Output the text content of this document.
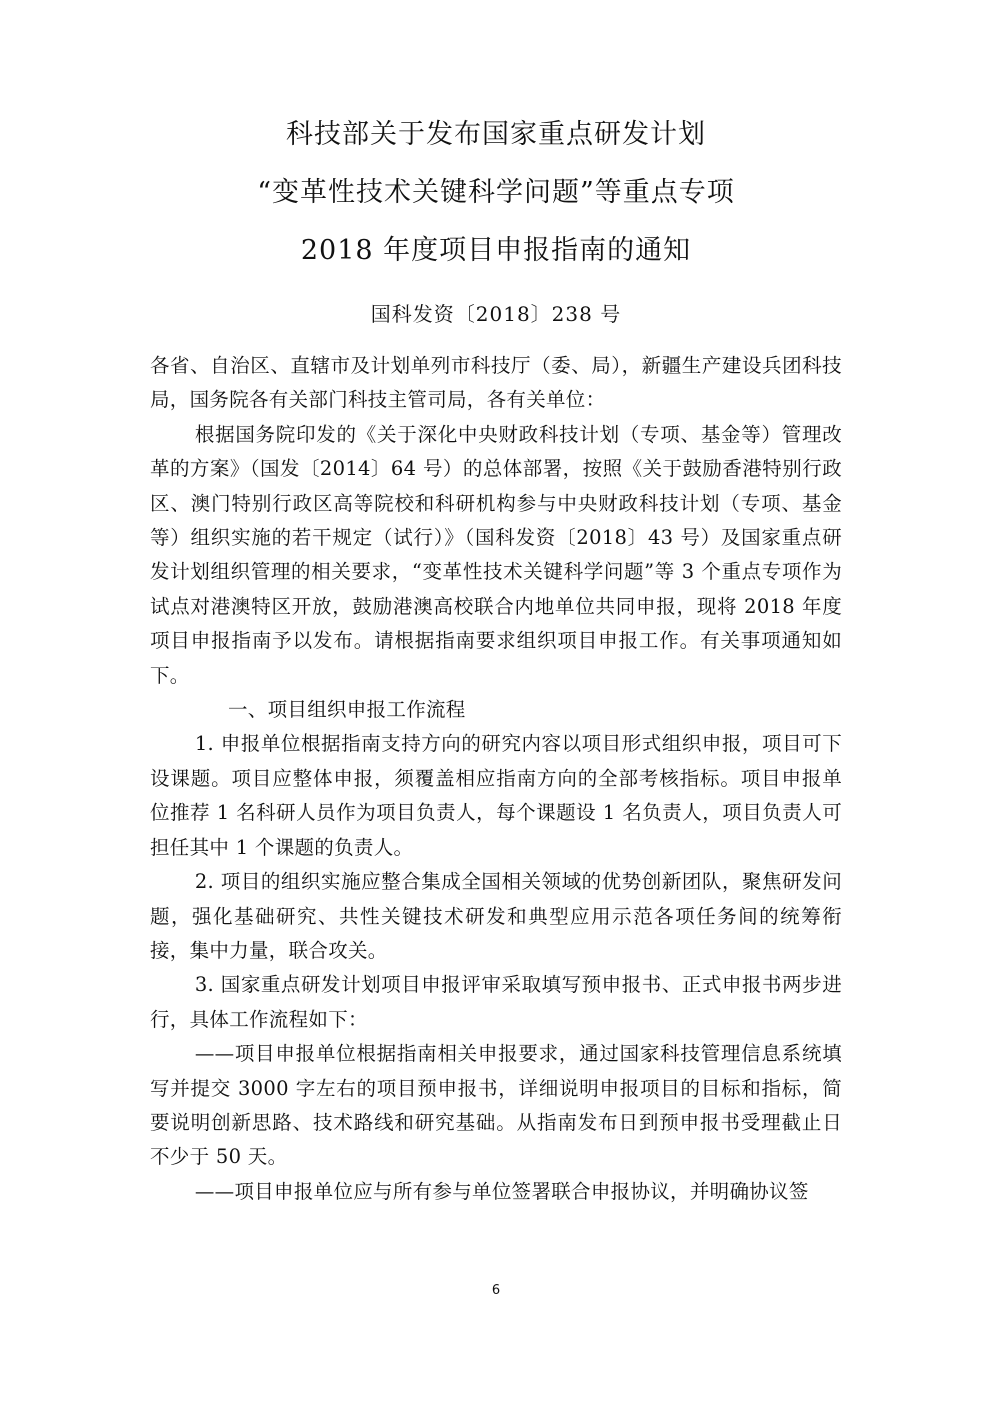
科技部关于发布国家重点研发计划
“变革性技术关键科学问题”等重点专项
2018 年度项目申报指南的通知
国科发资〔2018〕238 号

各省、自治区、直辖市及计划单列市科技厅（委、局），新疆生产建设兵团科技局，国务院各有关部门科技主管司局，各有关单位：

根据国务院印发的《关于深化中央财政科技计划（专项、基金等）管理改革的方案》（国发〔2014〕64 号）的总体部署，按照《关于鼓励香港特别行政区、澳门特别行政区高等院校和科研机构参与中央财政科技计划（专项、基金等）组织实施的若干规定（试行）》（国科发资〔2018〕43 号）及国家重点研发计划组织管理的相关要求，“变革性技术关键科学问题”等 3 个重点专项作为试点对港澳特区开放，鼓励港澳高校联合内地单位共同申报，现将 2018 年度项目申报指南予以发布。请根据指南要求组织项目申报工作。有关事项通知如下。

一、项目组织申报工作流程

1. 申报单位根据指南支持方向的研究内容以项目形式组织申报，项目可下设课题。项目应整体申报，须覆盖相应指南方向的全部考核指标。项目申报单位推荐 1 名科研人员作为项目负责人，每个课题设 1 名负责人，项目负责人可担任其中 1 个课题的负责人。

2. 项目的组织实施应整合集成全国相关领域的优势创新团队，聚焦研发问题，强化基础研究、共性关键技术研发和典型应用示范各项任务间的统筹衔接，集中力量，联合攻关。

3. 国家重点研发计划项目申报评审采取填写预申报书、正式申报书两步进行，具体工作流程如下：

——项目申报单位根据指南相关申报要求，通过国家科技管理信息系统填写并提交 3000 字左右的项目预申报书，详细说明申报项目的目标和指标，简要说明创新思路、技术路线和研究基础。从指南发布日到预申报书受理截止日不少于 50 天。

——项目申报单位应与所有参与单位签署联合申报协议，并明确协议签

6
